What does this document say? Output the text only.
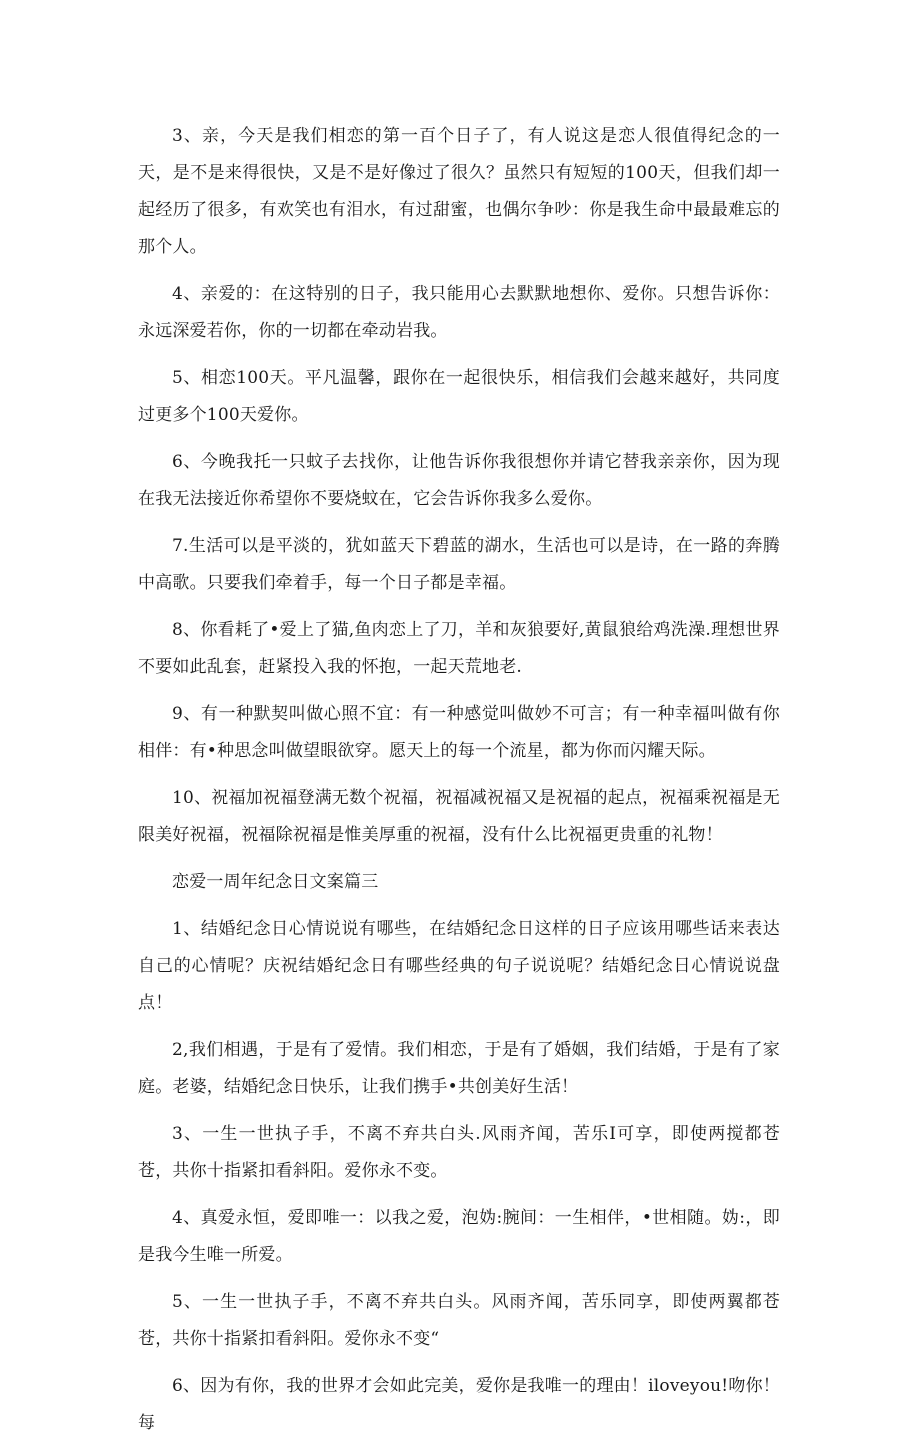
3、亲，今天是我们相恋的第一百个日子了，有人说这是恋人很值得纪念的一天，是不是来得很快，又是不是好像过了很久？虽然只有短短的100天，但我们却一起经历了很多，有欢笑也有泪水，有过甜蜜，也偶尔争吵：你是我生命中最最难忘的那个人。

4、亲爱的：在这特别的日子，我只能用心去默默地想你、爱你。只想告诉你：永远深爱若你，你的一切都在牵动岩我。

5、相恋100天。平凡温馨，跟你在一起很快乐，相信我们会越来越好，共同度过更多个100天爱你。

6、今晚我托一只蚊子去找你，让他告诉你我很想你并请它替我亲亲你，因为现在我无法接近你希望你不要烧蚊在，它会告诉你我多么爱你。

7.生活可以是平淡的，犹如蓝天下碧蓝的湖水，生活也可以是诗，在一路的奔腾中高歌。只要我们牵着手，每一个日子都是幸福。

8、你看耗了•爱上了猫,鱼肉恋上了刀，羊和灰狼要好,黄鼠狼给鸡洗澡.理想世界不要如此乱套，赶紧投入我的怀抱，一起天荒地老.

9、有一种默契叫做心照不宜：有一种感觉叫做妙不可言；有一种幸福叫做有你相伴：有•种思念叫做望眼欲穿。愿天上的每一个流星，都为你而闪耀天际。

10、祝福加祝福登满无数个祝福，祝福减祝福又是祝福的起点，祝福乘祝福是无限美好祝福，祝福除祝福是惟美厚重的祝福，没有什么比祝福更贵重的礼物！

恋爱一周年纪念日文案篇三

1、结婚纪念日心情说说有哪些，在结婚纪念日这样的日子应该用哪些话来表达自己的心情呢？庆祝结婚纪念日有哪些经典的句子说说呢？结婚纪念日心情说说盘点！

2,我们相遇，于是有了爱情。我们相恋，于是有了婚姻，我们结婚，于是有了家庭。老婆，结婚纪念日快乐，让我们携手•共创美好生活！

3、一生一世执子手，不离不弃共白头.风雨齐闻，苦乐I可享，即使两搅都苍苍，共你十指紧扣看斜阳。爱你永不变。

4、真爱永恒，爱即唯一：以我之爱，泡妫:腕间：一生相伴，•世相随。妫:，即是我今生唯一所爱。

5、一生一世执子手，不离不弃共白头。风雨齐闻，苦乐同享，即使两翼都苍苍，共你十指紧扣看斜阳。爱你永不变“

6、因为有你，我的世界才会如此完美，爱你是我唯一的理由！iloveyou!吻你！每
